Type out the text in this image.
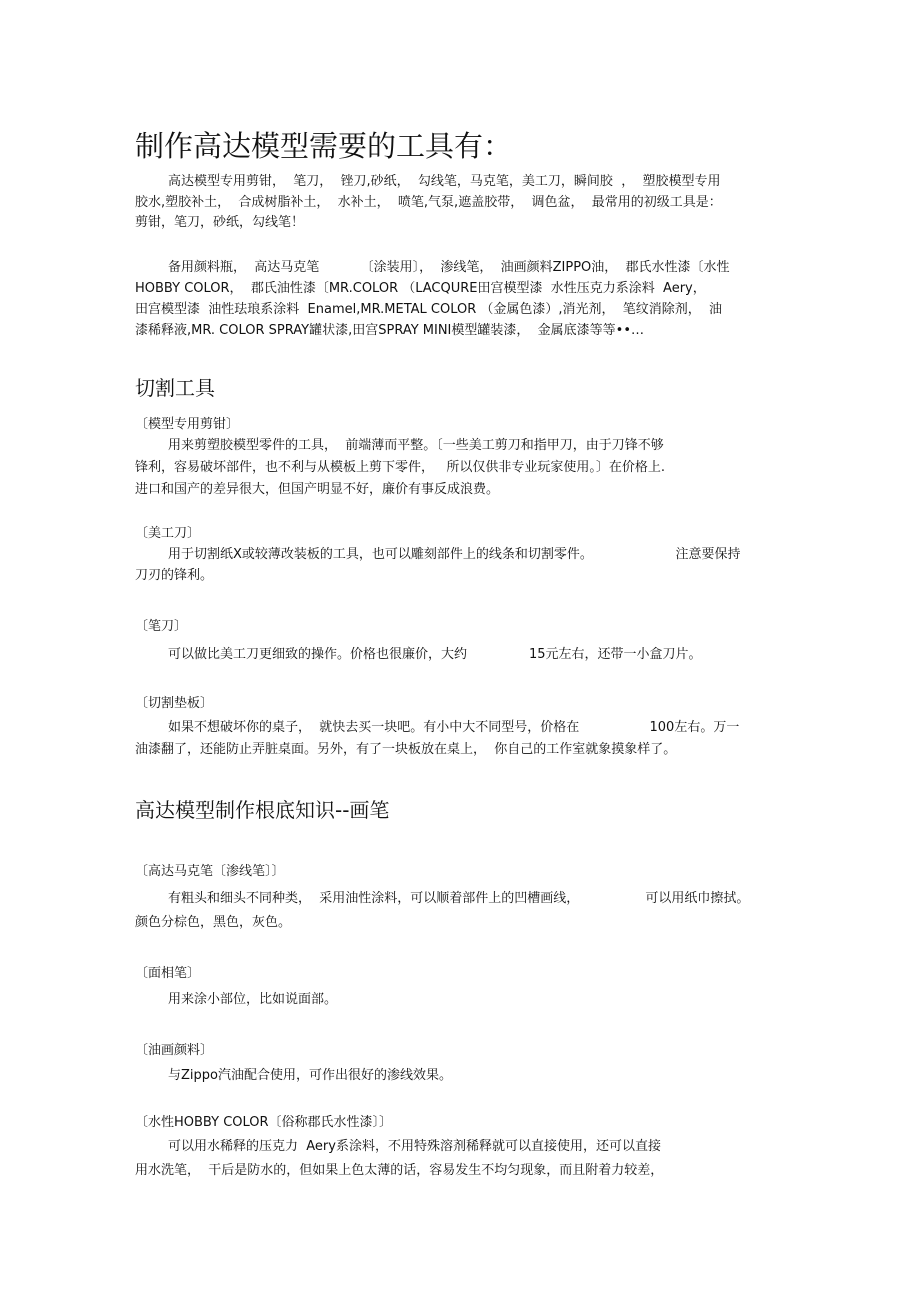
制作高达模型需要的工具有：
高达模型专用剪钳，  笔刀，  锉刀,砂纸，  勾线笔，马克笔，美工刀，瞬间胶  ，  塑胶模型专用
胶水,塑胶补土，  合成树脂补土，  水补土，  喷笔,气泵,遮盖胶带，  调色盆，  最常用的初级工具是：
剪钳，笔刀，砂纸，勾线笔！
备用颜料瓶，  高达马克笔          〔涂装用〕，  渗线笔，  油画颜料ZIPPO油，  郡氏水性漆〔水性
HOBBY COLOR，  郡氏油性漆〔MR.COLOR （LACQURE田宫模型漆  水性压克力系涂料  Aery，
田宫模型漆  油性珐琅系涂料  Enamel,MR.METAL COLOR （金属色漆）,消光剂，  笔纹消除剂，  油
漆稀释液,MR. COLOR SPRAY罐状漆,田宫SPRAY MINI模型罐装漆，  金属底漆等等••…
切割工具
〔模型专用剪钳〕
用来剪塑胶模型零件的工具，  前端薄而平整。〔一些美工剪刀和指甲刀，由于刀锋不够
锋利，容易破坏部件，也不利与从模板上剪下零件，   所以仅供非专业玩家使用。〕在价格上.
进口和国产的差异很大，但国产明显不好，廉价有事反成浪费。
〔美工刀〕
用于切割纸X或较薄改装板的工具，也可以雕刻部件上的线条和切割零件。                    注意要保持
刀刃的锋利。
〔笔刀〕
可以做比美工刀更细致的操作。价格也很廉价，大约               15元左右，还带一小盒刀片。
〔切割垫板〕
如果不想破坏你的桌子，  就快去买一块吧。有小中大不同型号，价格在                 100左右。万一
油漆翻了，还能防止弄脏桌面。另外，有了一块板放在桌上，  你自己的工作室就象摸象样了。
高达模型制作根底知识--画笔
〔高达马克笔〔渗线笔〕〕
有粗头和细头不同种类，  采用油性涂料，可以顺着部件上的凹槽画线，                可以用纸巾擦拭。
颜色分棕色，黑色，灰色。
〔面相笔〕
用来涂小部位，比如说面部。
〔油画颜料〕
与Zippo汽油配合使用，可作出很好的渗线效果。
〔水性HOBBY COLOR〔俗称郡氏水性漆〕〕
可以用水稀释的压克力  Aery系涂料，不用特殊溶剂稀释就可以直接使用，还可以直接
用水洗笔，  干后是防水的，但如果上色太薄的话，容易发生不均匀现象，而且附着力较差，
